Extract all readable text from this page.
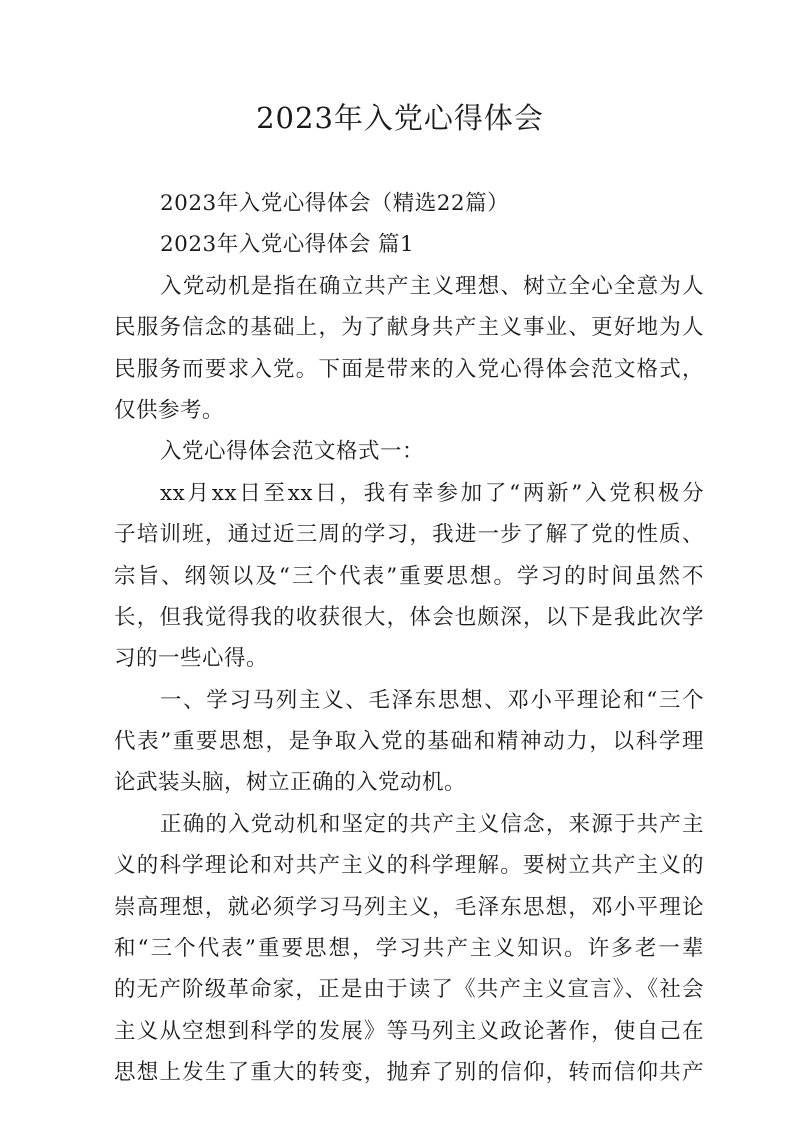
2023年入党心得体会
2023年入党心得体会（精选22篇）
2023年入党心得体会 篇1
入党动机是指在确立共产主义理想、树立全心全意为人
民服务信念的基础上，为了献身共产主义事业、更好地为人
民服务而要求入党。下面是带来的入党心得体会范文格式，
仅供参考。
入党心得体会范文格式一：
xx月xx日至xx日，我有幸参加了“两新”入党积极分
子培训班，通过近三周的学习，我进一步了解了党的性质、
宗旨、纲领以及“三个代表”重要思想。学习的时间虽然不
长，但我觉得我的收获很大，体会也颇深，以下是我此次学
习的一些心得。
一、学习马列主义、毛泽东思想、邓小平理论和“三个
代表”重要思想，是争取入党的基础和精神动力，以科学理
论武装头脑，树立正确的入党动机。
正确的入党动机和坚定的共产主义信念，来源于共产主
义的科学理论和对共产主义的科学理解。要树立共产主义的
崇高理想，就必须学习马列主义，毛泽东思想，邓小平理论
和“三个代表”重要思想，学习共产主义知识。许多老一辈
的无产阶级革命家，正是由于读了《共产主义宣言》、《社会
主义从空想到科学的发展》等马列主义政论著作，使自己在
思想上发生了重大的转变，抛弃了别的信仰，转而信仰共产
